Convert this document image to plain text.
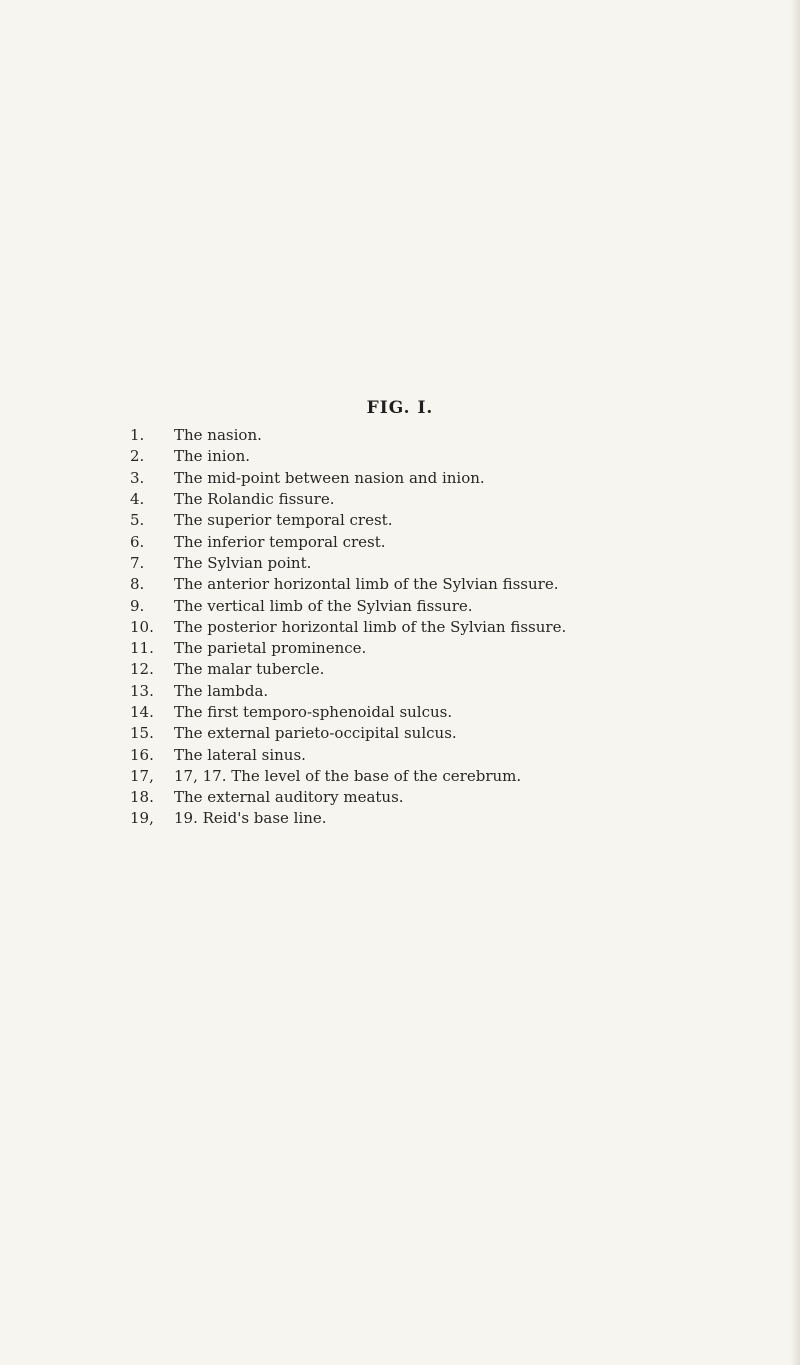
FIG. I.
1.	The nasion.
2.	The inion.
3.	The mid-point between nasion and inion.
4.	The Rolandic fissure.
5.	The superior temporal crest.
6.	The inferior temporal crest.
7.	The Sylvian point.
8.	The anterior horizontal limb of the Sylvian fissure.
9.	The vertical limb of the Sylvian fissure.
10.	The posterior horizontal limb of the Sylvian fissure.
11.	The parietal prominence.
12.	The malar tubercle.
13.	The lambda.
14.	The first temporo-sphenoidal sulcus.
15.	The external parieto-occipital sulcus.
16.	The lateral sinus.
17,	17, 17. The level of the base of the cerebrum.
18.	The external auditory meatus.
19,	19. Reid's base line.
